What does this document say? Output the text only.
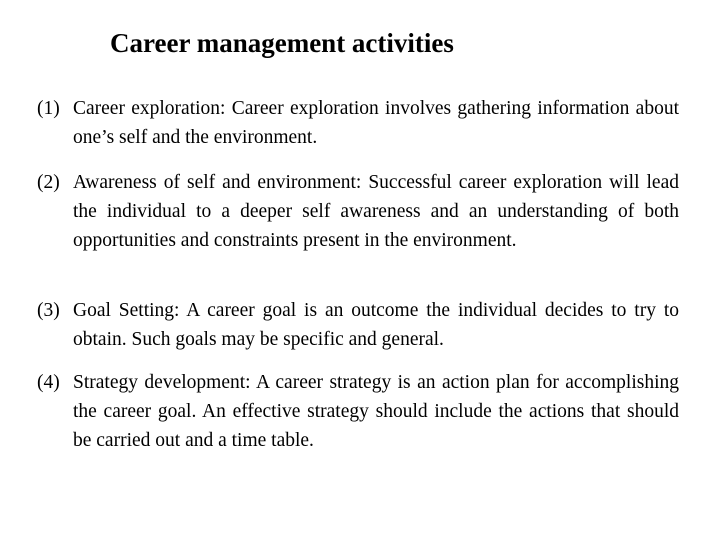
Career management activities
(1) Career exploration: Career exploration involves gathering information about one’s self and the environment.
(2) Awareness of self and environment: Successful career exploration will lead the individual to a deeper self awareness and an understanding of both opportunities and constraints present in the environment.
(3) Goal Setting: A career goal is an outcome the individual decides to try to obtain. Such goals may be specific and general.
(4) Strategy development: A career strategy is an action plan for accomplishing the career goal. An effective strategy should include the actions that should be carried out and a time table.
